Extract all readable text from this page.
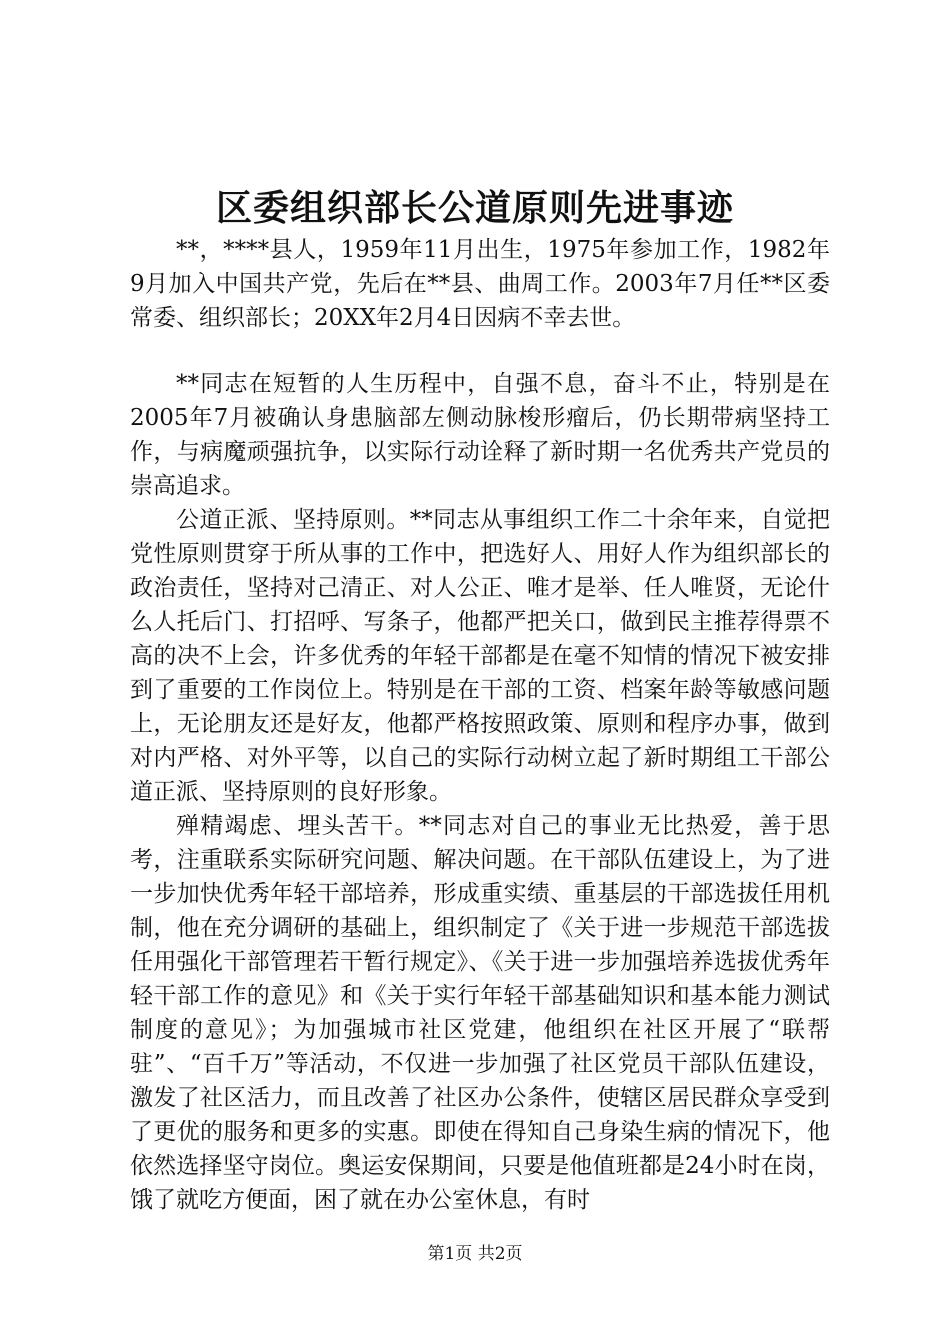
区委组织部长公道原则先进事迹

**，****县人，1959年11月出生，1975年参加工作，1982年9月加入中国共产党，先后在**县、曲周工作。2003年7月任**区委常委、组织部长；20XX年2月4日因病不幸去世。

**同志在短暂的人生历程中，自强不息，奋斗不止，特别是在2005年7月被确认身患脑部左侧动脉梭形瘤后，仍长期带病坚持工作，与病魔顽强抗争，以实际行动诠释了新时期一名优秀共产党员的崇高追求。

公道正派、坚持原则。**同志从事组织工作二十余年来，自觉把党性原则贯穿于所从事的工作中，把选好人、用好人作为组织部长的政治责任，坚持对己清正、对人公正、唯才是举、任人唯贤，无论什么人托后门、打招呼、写条子，他都严把关口，做到民主推荐得票不高的决不上会，许多优秀的年轻干部都是在毫不知情的情况下被安排到了重要的工作岗位上。特别是在干部的工资、档案年龄等敏感问题上，无论朋友还是好友，他都严格按照政策、原则和程序办事，做到对内严格、对外平等，以自己的实际行动树立起了新时期组工干部公道正派、坚持原则的良好形象。

殚精竭虑、埋头苦干。**同志对自己的事业无比热爱，善于思考，注重联系实际研究问题、解决问题。在干部队伍建设上，为了进一步加快优秀年轻干部培养，形成重实绩、重基层的干部选拔任用机制，他在充分调研的基础上，组织制定了《关于进一步规范干部选拔任用强化干部管理若干暂行规定》、《关于进一步加强培养选拔优秀年轻干部工作的意见》和《关于实行年轻干部基础知识和基本能力测试制度的意见》；为加强城市社区党建，他组织在社区开展了“联帮驻”、“百千万”等活动，不仅进一步加强了社区党员干部队伍建设，激发了社区活力，而且改善了社区办公条件，使辖区居民群众享受到了更优的服务和更多的实惠。即使在得知自己身染生病的情况下，他依然选择坚守岗位。奥运安保期间，只要是他值班都是24小时在岗，饿了就吃方便面，困了就在办公室休息，有时

第1页 共2页
